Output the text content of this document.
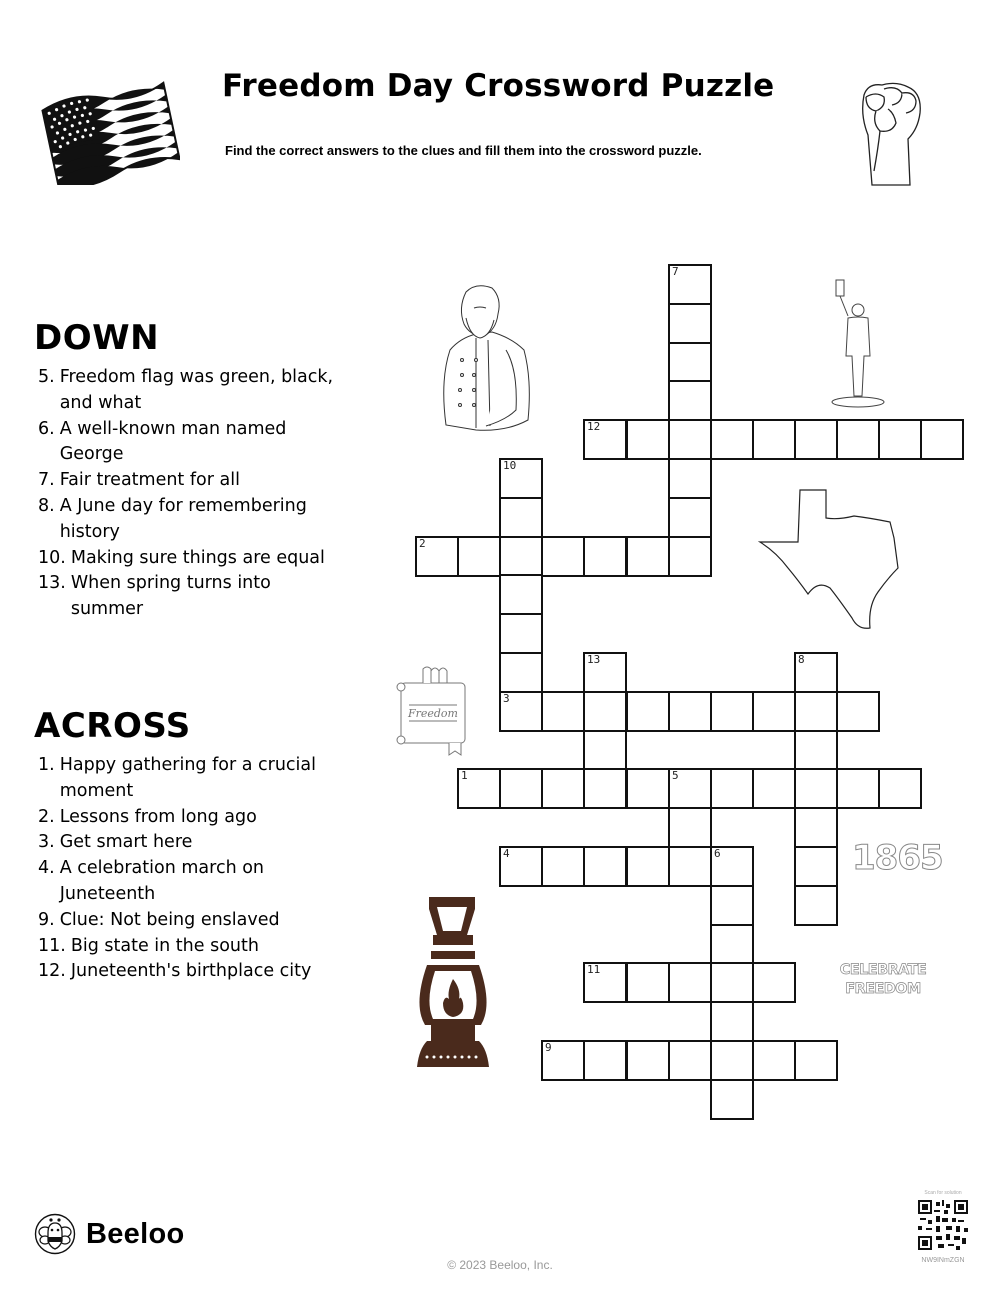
Freedom Day Crossword Puzzle
Find the correct answers to the clues and fill them into the crossword puzzle.
DOWN
5. Freedom flag was green, black, and what
6. A well-known man named George
7. Fair treatment for all
8. A June day for remembering history
10. Making sure things are equal
13. When spring turns into summer
ACROSS
1. Happy gathering for a crucial moment
2. Lessons from long ago
3. Get smart here
4. A celebration march on Juneteenth
9. Clue: Not being enslaved
11. Big state in the south
12. Juneteenth's birthplace city
Freedom
1865
CELEBRATE
FREEDOM
7
12
10
3
2
13	8
1	5
4	6
11
9
Beeloo
© 2023 Beeloo, Inc.
Scan for solution
NW9INmZGN
